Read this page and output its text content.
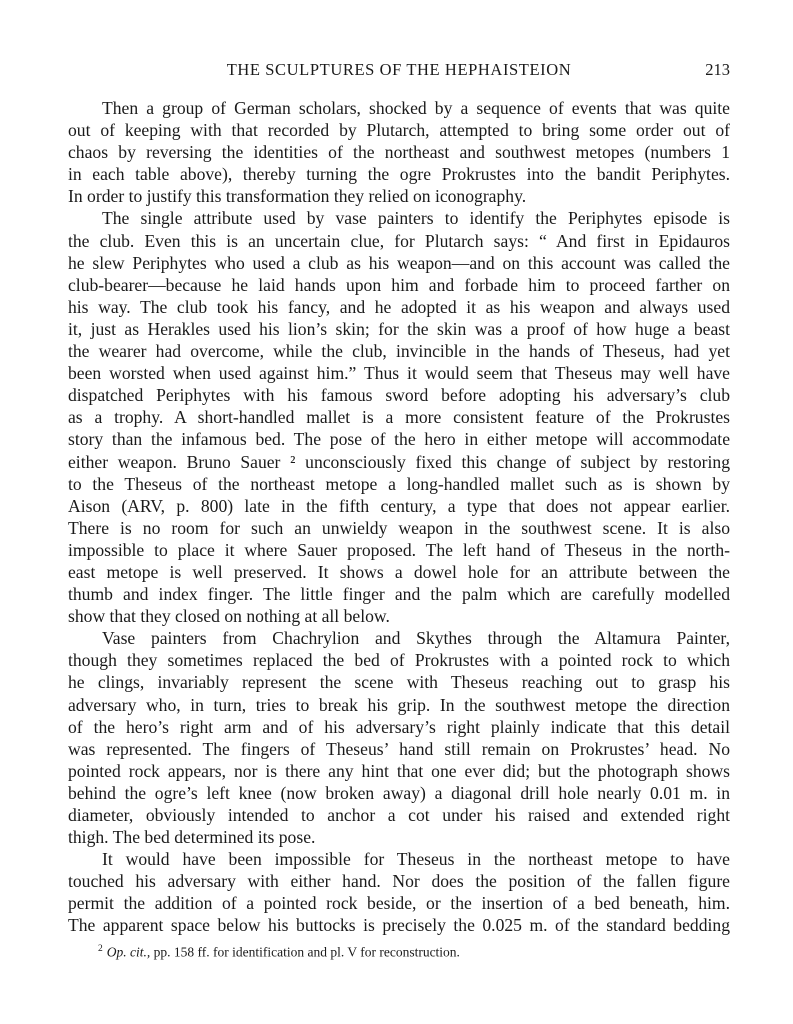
THE SCULPTURES OF THE HEPHAISTEION	213
Then a group of German scholars, shocked by a sequence of events that was quite
out of keeping with that recorded by Plutarch, attempted to bring some order out of
chaos by reversing the identities of the northeast and southwest metopes (numbers 1
in each table above), thereby turning the ogre Prokrustes into the bandit Periphytes.
In order to justify this transformation they relied on iconography.
The single attribute used by vase painters to identify the Periphytes episode is
the club. Even this is an uncertain clue, for Plutarch says: “ And first in Epidauros
he slew Periphytes who used a club as his weapon—and on this account was called the
club-bearer—because he laid hands upon him and forbade him to proceed farther on
his way. The club took his fancy, and he adopted it as his weapon and always used
it, just as Herakles used his lion’s skin; for the skin was a proof of how huge a beast
the wearer had overcome, while the club, invincible in the hands of Theseus, had yet
been worsted when used against him.” Thus it would seem that Theseus may well have
dispatched Periphytes with his famous sword before adopting his adversary’s club
as a trophy. A short-handled mallet is a more consistent feature of the Prokrustes
story than the infamous bed. The pose of the hero in either metope will accommodate
either weapon. Bruno Sauer ² unconsciously fixed this change of subject by restoring
to the Theseus of the northeast metope a long-handled mallet such as is shown by
Aison (ARV, p. 800) late in the fifth century, a type that does not appear earlier.
There is no room for such an unwieldy weapon in the southwest scene. It is also
impossible to place it where Sauer proposed. The left hand of Theseus in the north-
east metope is well preserved. It shows a dowel hole for an attribute between the
thumb and index finger. The little finger and the palm which are carefully modelled
show that they closed on nothing at all below.
Vase painters from Chachrylion and Skythes through the Altamura Painter,
though they sometimes replaced the bed of Prokrustes with a pointed rock to which
he clings, invariably represent the scene with Theseus reaching out to grasp his
adversary who, in turn, tries to break his grip. In the southwest metope the direction
of the hero’s right arm and of his adversary’s right plainly indicate that this detail
was represented. The fingers of Theseus’ hand still remain on Prokrustes’ head. No
pointed rock appears, nor is there any hint that one ever did; but the photograph shows
behind the ogre’s left knee (now broken away) a diagonal drill hole nearly 0.01 m. in
diameter, obviously intended to anchor a cot under his raised and extended right
thigh. The bed determined its pose.
It would have been impossible for Theseus in the northeast metope to have
touched his adversary with either hand. Nor does the position of the fallen figure
permit the addition of a pointed rock beside, or the insertion of a bed beneath, him.
The apparent space below his buttocks is precisely the 0.025 m. of the standard bedding
$^2$ Op. cit., pp. 158 ff. for identification and pl. V for reconstruction.
